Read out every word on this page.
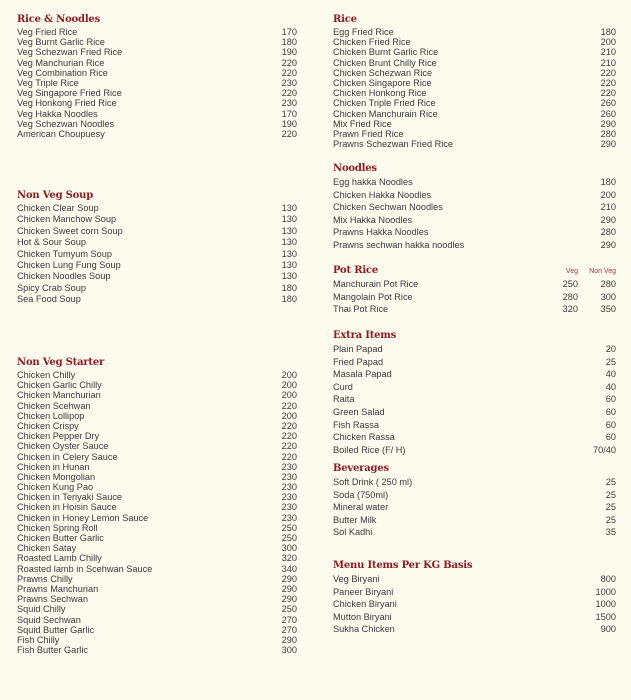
Rice & Noodles
Veg Fried Rice	170
Veg Burnt Garlic Rice	180
Veg Schezwan Fried Rice	190
Veg Manchurian Rice	220
Veg Combination Rice	220
Veg Triple Rice	230
Veg Singapore Fried Rice	220
Veg Honkong Fried Rice	230
Veg Hakka Noodles	170
Veg Schezwan Noodles	190
American Choupuesy	220
Non Veg Soup
Chicken Clear Soup	130
Chicken Manchow Soup	130
Chicken Sweet corn Soup	130
Hot & Sour Soup	130
Chicken Tumyum Soup	130
Chicken Lung Fung Soup	130
Chicken Noodles Soup	130
Spicy Crab Soup	180
Sea Food Soup	180
Non Veg Starter
Chicken Chilly	200
Chicken Garlic Chilly	200
Chicken Manchurian	200
Chicken Scehwan	220
Chicken Lollipop	200
Chicken Crispy	220
Chicken Pepper Dry	220
Chicken Oyster Sauce	220
Chicken in Celery Sauce	220
Chicken in Hunan	230
Chicken Mongolian	230
Chicken Kung Pao	230
Chicken in Teriyaki Sauce	230
Chicken in Hoisin Sauce	230
Chicken in Honey Lemon Sauce	230
Chicken Spring Roll	250
Chicken Butter Garlic	250
Chicken Satay	300
Roasted Lamb Chilly	320
Roasted lamb in Scehwan Sauce	340
Prawns Chilly	290
Prawns Manchurian	290
Prawns Sechwan	290
Squid Chilly	250
Squid Sechwan	270
Squid Butter Garlic	270
Fish Chilly	290
Fish Butter Garlic	300
Rice
Egg Fried Rice	180
Chicken Fried Rice	200
Chicken Burnt Garlic Rice	210
Chicken Brunt Chilly Rice	210
Chicken Schezwan Rice	220
Chicken Singapore Rice	220
Chicken Honkong Rice	220
Chicken Triple Fried Rice	260
Chicken Manchurain Rice	260
Mix Fried Rice	290
Prawn Fried Rice	280
Prawns Schezwan Fried Rice	290
Noodles
Egg hakka Noodles	180
Chicken Hakka Noodles	200
Chicken Sechwan Noodles	210
Mix Hakka Noodles	290
Prawns Hakka Noodles	280
Prawns sechwan hakka noodles	290
Pot Rice	Veg	Non Veg
Manchurain Pot Rice	250	280
Mangolain Pot Rice	280	300
Thai Pot Rice	320	350
Extra Items
Plain Papad	20
Fried Papad	25
Masala Papad	40
Curd	40
Raita	60
Green Salad	60
Fish Rassa	60
Chicken Rassa	60
Boiled Rice (F/ H)	70/40
Beverages
Soft Drink ( 250 ml)	25
Soda (750ml)	25
Mineral water	25
Butter Milk	25
Sol Kadhi	35
Menu Items Per KG Basis
Veg Biryani	800
Paneer Biryani	1000
Chicken Biryani	1000
Mutton Biryani	1500
Sukha Chicken	900
